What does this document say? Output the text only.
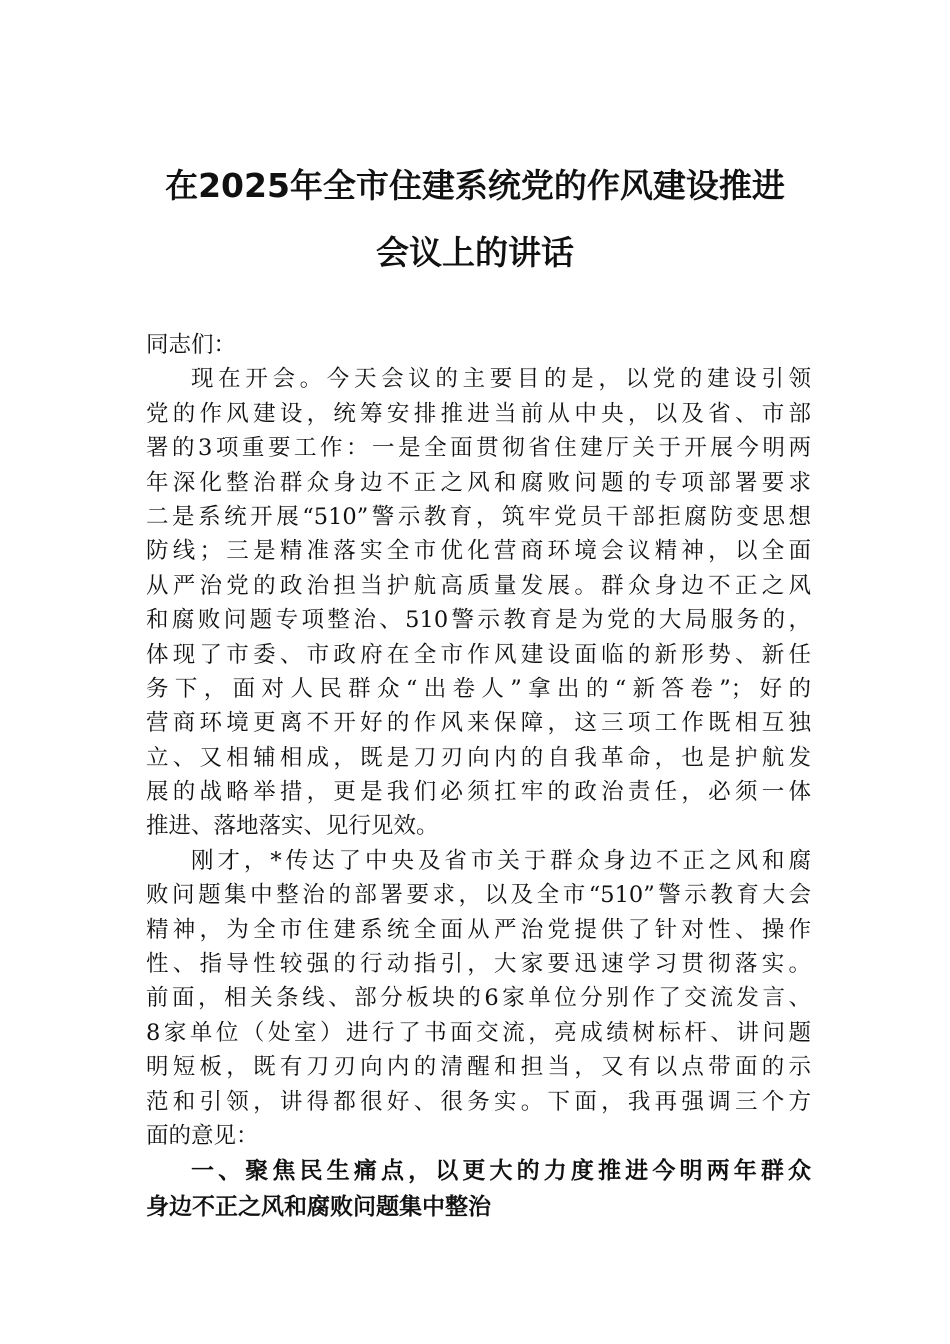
在2025年全市住建系统党的作风建设推进
会议上的讲话
同志们：
现在开会。今天会议的主要目的是，以党的建设引领
党的作风建设，统筹安排推进当前从中央，以及省、市部
署的3项重要工作：一是全面贯彻省住建厅关于开展今明两
年深化整治群众身边不正之风和腐败问题的专项部署要求
二是系统开展“510”警示教育，筑牢党员干部拒腐防变思想
防线；三是精准落实全市优化营商环境会议精神，以全面
从严治党的政治担当护航高质量发展。群众身边不正之风
和腐败问题专项整治、510警示教育是为党的大局服务的，
体现了市委、市政府在全市作风建设面临的新形势、新任
务下，面对人民群众“出卷人”拿出的“新答卷”；好的
营商环境更离不开好的作风来保障，这三项工作既相互独
立、又相辅相成，既是刀刃向内的自我革命，也是护航发
展的战略举措，更是我们必须扛牢的政治责任，必须一体
推进、落地落实、见行见效。
刚才，*传达了中央及省市关于群众身边不正之风和腐
败问题集中整治的部署要求，以及全市“510”警示教育大会
精神，为全市住建系统全面从严治党提供了针对性、操作
性、指导性较强的行动指引，大家要迅速学习贯彻落实。
前面，相关条线、部分板块的6家单位分别作了交流发言、
8家单位（处室）进行了书面交流，亮成绩树标杆、讲问题
明短板，既有刀刃向内的清醒和担当，又有以点带面的示
范和引领，讲得都很好、很务实。下面，我再强调三个方
面的意见：
一、聚焦民生痛点，以更大的力度推进今明两年群众
身边不正之风和腐败问题集中整治
